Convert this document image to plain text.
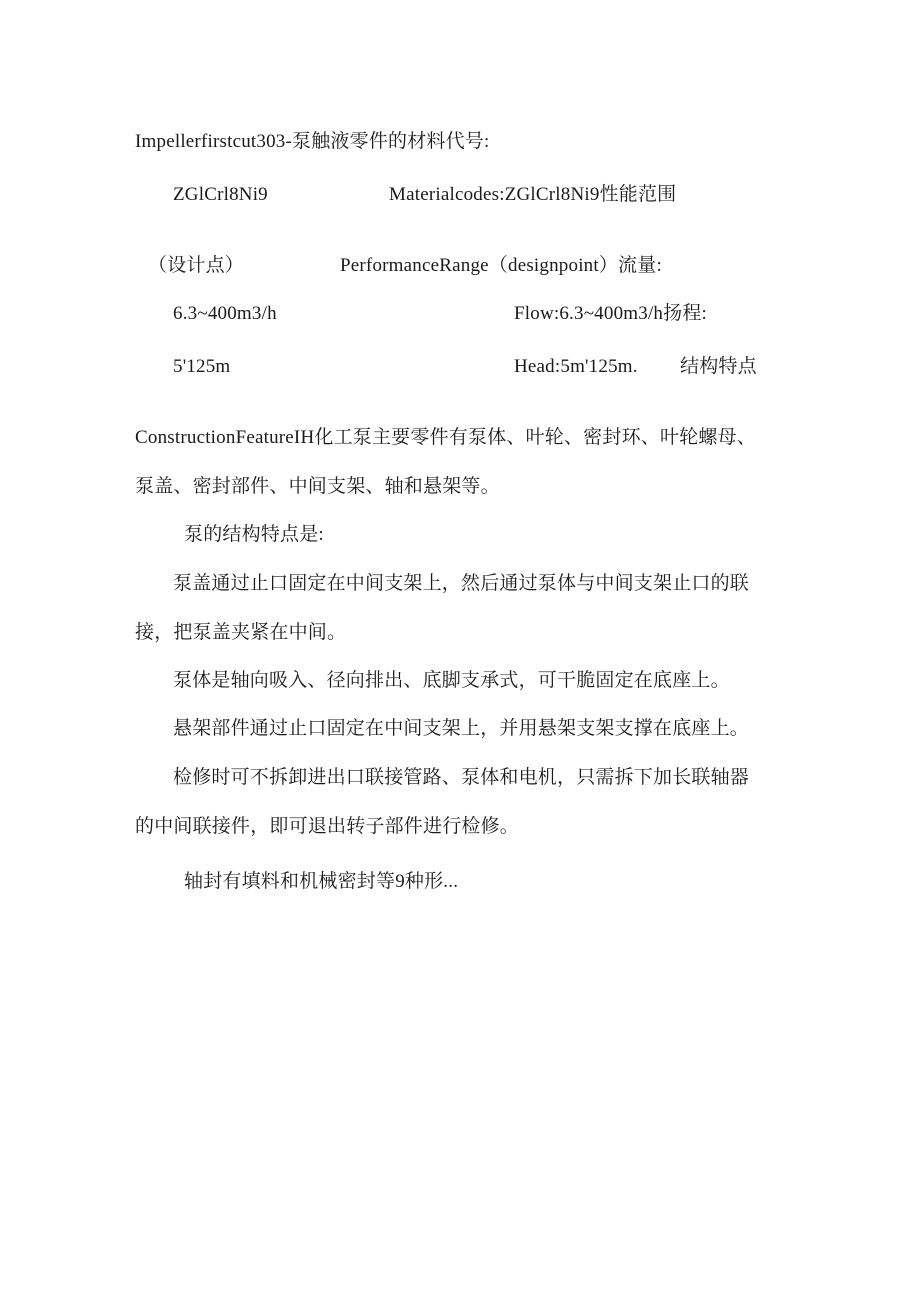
Impellerfirstcut303-泵触液零件的材料代号:
ZGlCrl8Ni9	Materialcodes:ZGlCrl8Ni9性能范围
（设计点）	PerformanceRange（designpoint）流量:
6.3~400m3/h	Flow:6.3~400m3/h扬程:
5'125m	Head:5m'125m. 结构特点
ConstructionFeatureIH化工泵主要零件有泵体、叶轮、密封环、叶轮螺母、
泵盖、密封部件、中间支架、轴和悬架等。
泵的结构特点是:
泵盖通过止口固定在中间支架上，然后通过泵体与中间支架止口的联
接，把泵盖夹紧在中间。
泵体是轴向吸入、径向排出、底脚支承式，可干脆固定在底座上。
悬架部件通过止口固定在中间支架上，并用悬架支架支撑在底座上。
检修时可不拆卸进出口联接管路、泵体和电机，只需拆下加长联轴器
的中间联接件，即可退出转子部件进行检修。
轴封有填料和机械密封等9种形...
